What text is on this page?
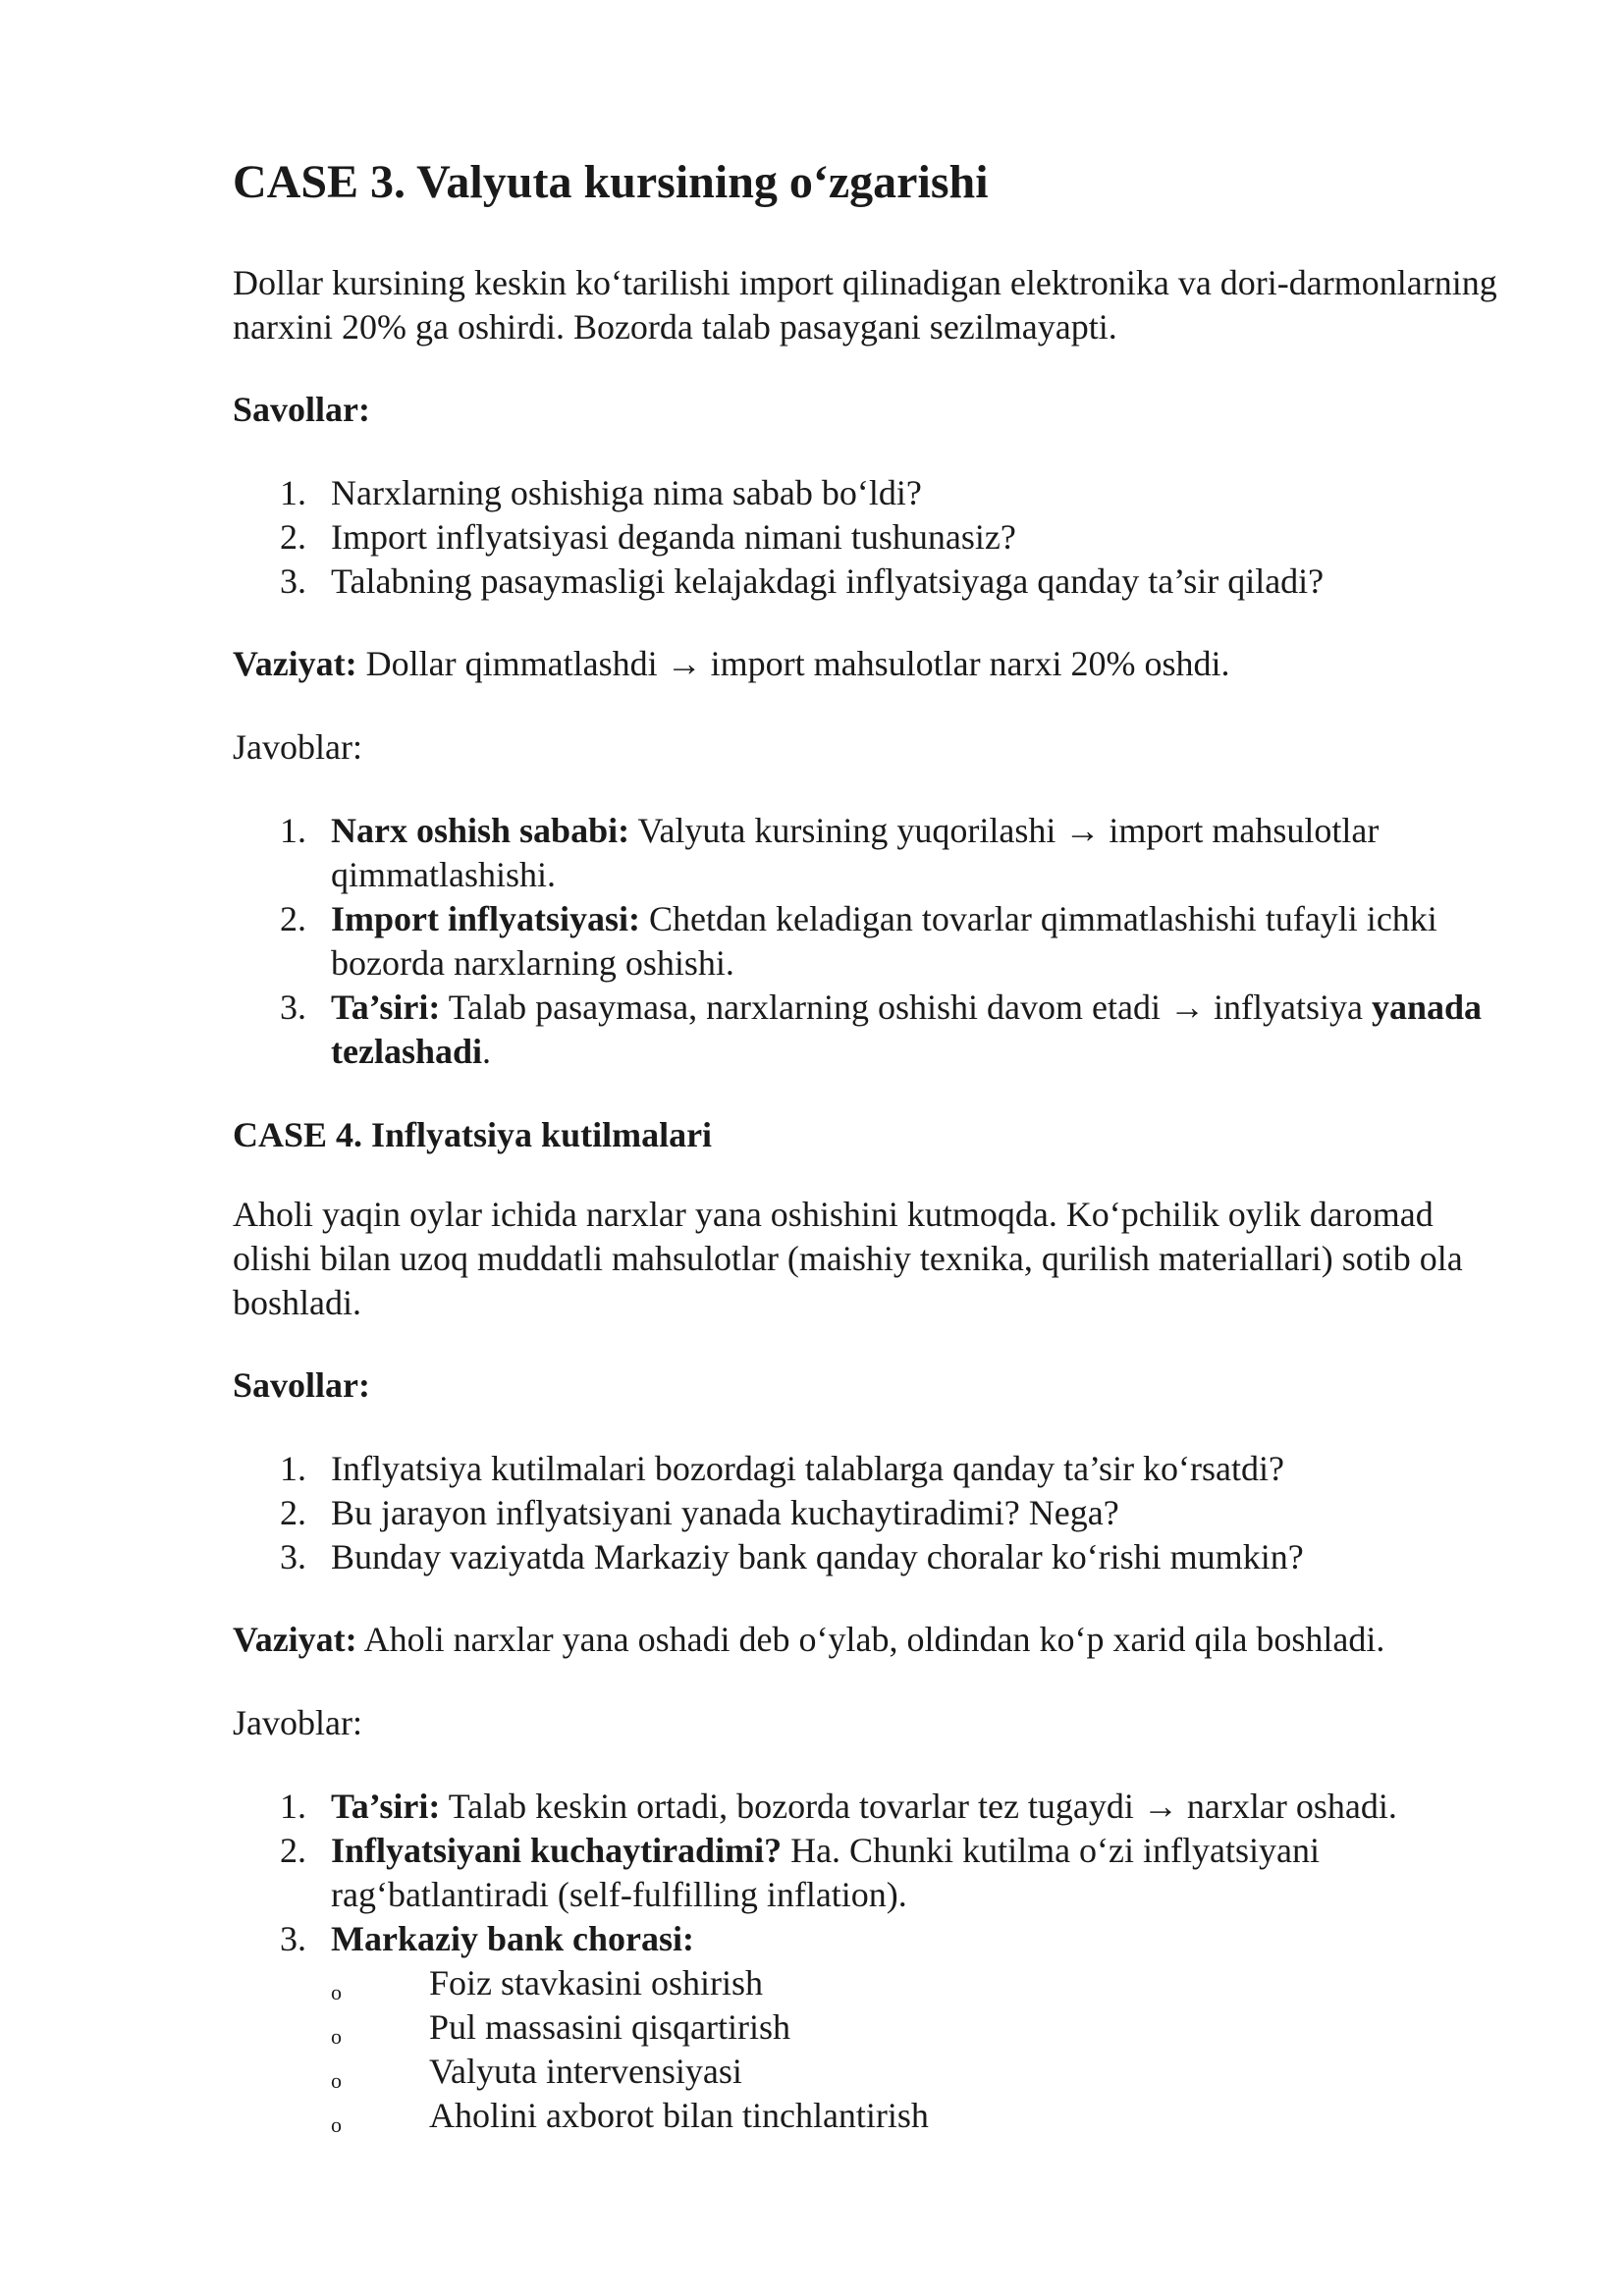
CASE 3. Valyuta kursining o‘zgarishi

Dollar kursining keskin ko‘tarilishi import qilinadigan elektronika va dori-darmonlarning narxini 20% ga oshirdi. Bozorda talab pasaygani sezilmayapti.

Savollar:

1. Narxlarning oshishiga nima sabab bo‘ldi?
2. Import inflyatsiyasi deganda nimani tushunasiz?
3. Talabning pasaymasligi kelajakdagi inflyatsiyaga qanday ta’sir qiladi?

Vaziyat: Dollar qimmatlashdi → import mahsulotlar narxi 20% oshdi.

Javoblar:

1. Narx oshish sababi: Valyuta kursining yuqorilashi → import mahsulotlar qimmatlashishi.
2. Import inflyatsiyasi: Chetdan keladigan tovarlar qimmatlashishi tufayli ichki bozorda narxlarning oshishi.
3. Ta’siri: Talab pasaymasa, narxlarning oshishi davom etadi → inflyatsiya yanada tezlashadi.
CASE 4. Inflyatsiya kutilmalari

Aholi yaqin oylar ichida narxlar yana oshishini kutmoqda. Ko‘pchilik oylik daromad olishi bilan uzoq muddatli mahsulotlar (maishiy texnika, qurilish materiallari) sotib ola boshladi.

Savollar:

1. Inflyatsiya kutilmalari bozordagi talablarga qanday ta’sir ko‘rsatdi?
2. Bu jarayon inflyatsiyani yanada kuchaytiradimi? Nega?
3. Bunday vaziyatda Markaziy bank qanday choralar ko‘rishi mumkin?

Vaziyat: Aholi narxlar yana oshadi deb o‘ylab, oldindan ko‘p xarid qila boshladi.

Javoblar:

1. Ta’siri: Talab keskin ortadi, bozorda tovarlar tez tugaydi → narxlar oshadi.
2. Inflyatsiyani kuchaytiradimi? Ha. Chunki kutilma o‘zi inflyatsiyani rag‘batlantiradi (self-fulfilling inflation).
3. Markaziy bank chorasi:
o Foiz stavkasini oshirish
o Pul massasini qisqartirish
o Valyuta intervensiyasi
o Aholini axborot bilan tinchlantirish
